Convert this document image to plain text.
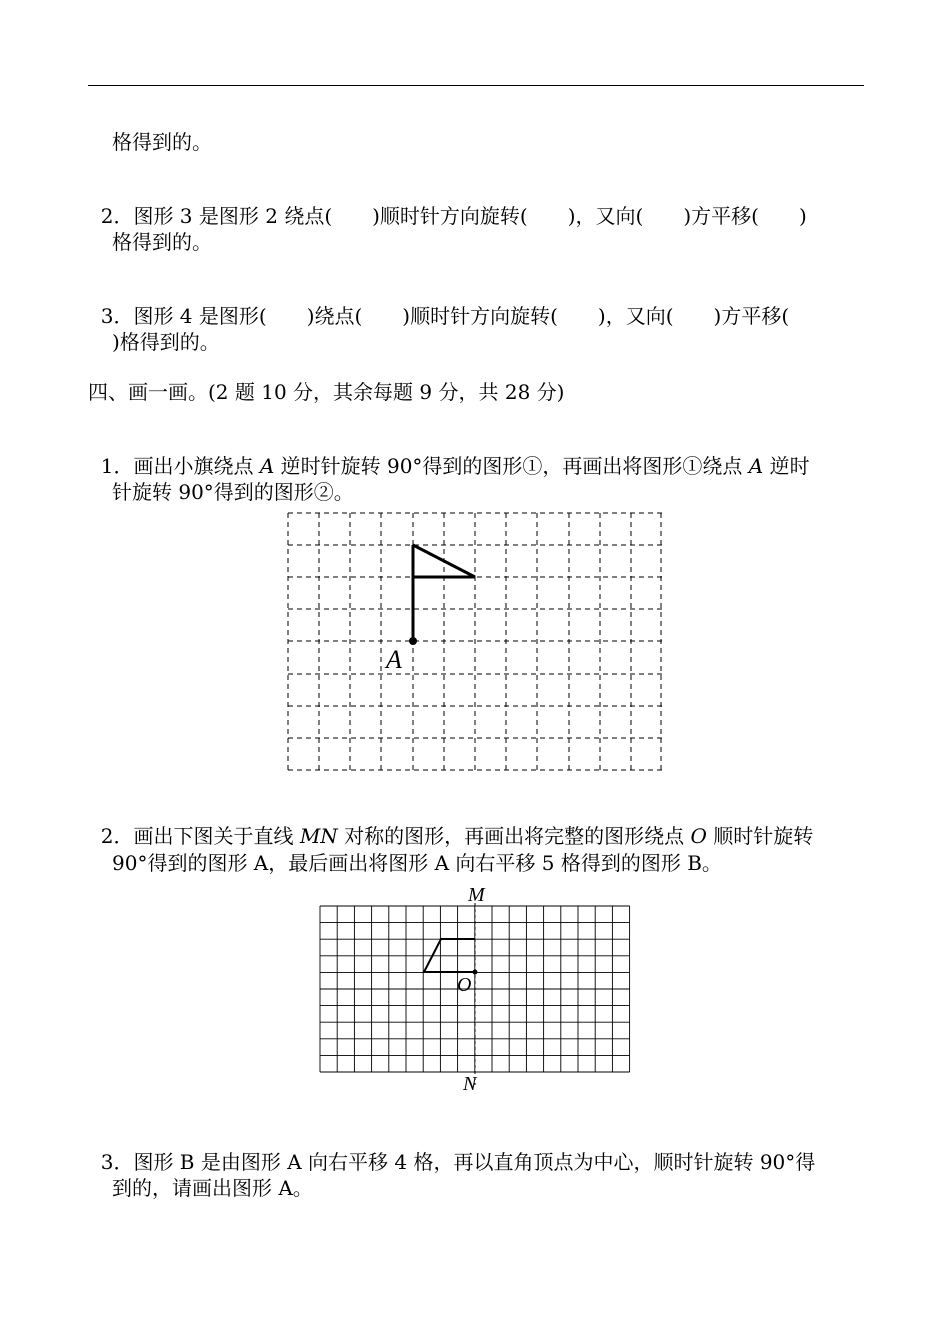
格得到的。

2．图形 3 是图形 2 绕点(　　)顺时针方向旋转(　　)，又向(　　)方平移(　　)

格得到的。

3．图形 4 是图形(　　)绕点(　　)顺时针方向旋转(　　)，又向(　　)方平移(

)格得到的。
四、画一画。(2 题 10 分，其余每题 9 分，共 28 分)

1．画出小旗绕点 A 逆时针旋转 90°得到的图形①，再画出将图形①绕点 A 逆时

针旋转 90°得到的图形②。
A

2．画出下图关于直线 MN 对称的图形，再画出将完整的图形绕点 O 顺时针旋转

90°得到的图形 A，最后画出将图形 A 向右平移 5 格得到的图形 B。
M
N
O

3．图形 B 是由图形 A 向右平移 4 格，再以直角顶点为中心，顺时针旋转 90°得

到的，请画出图形 A。
